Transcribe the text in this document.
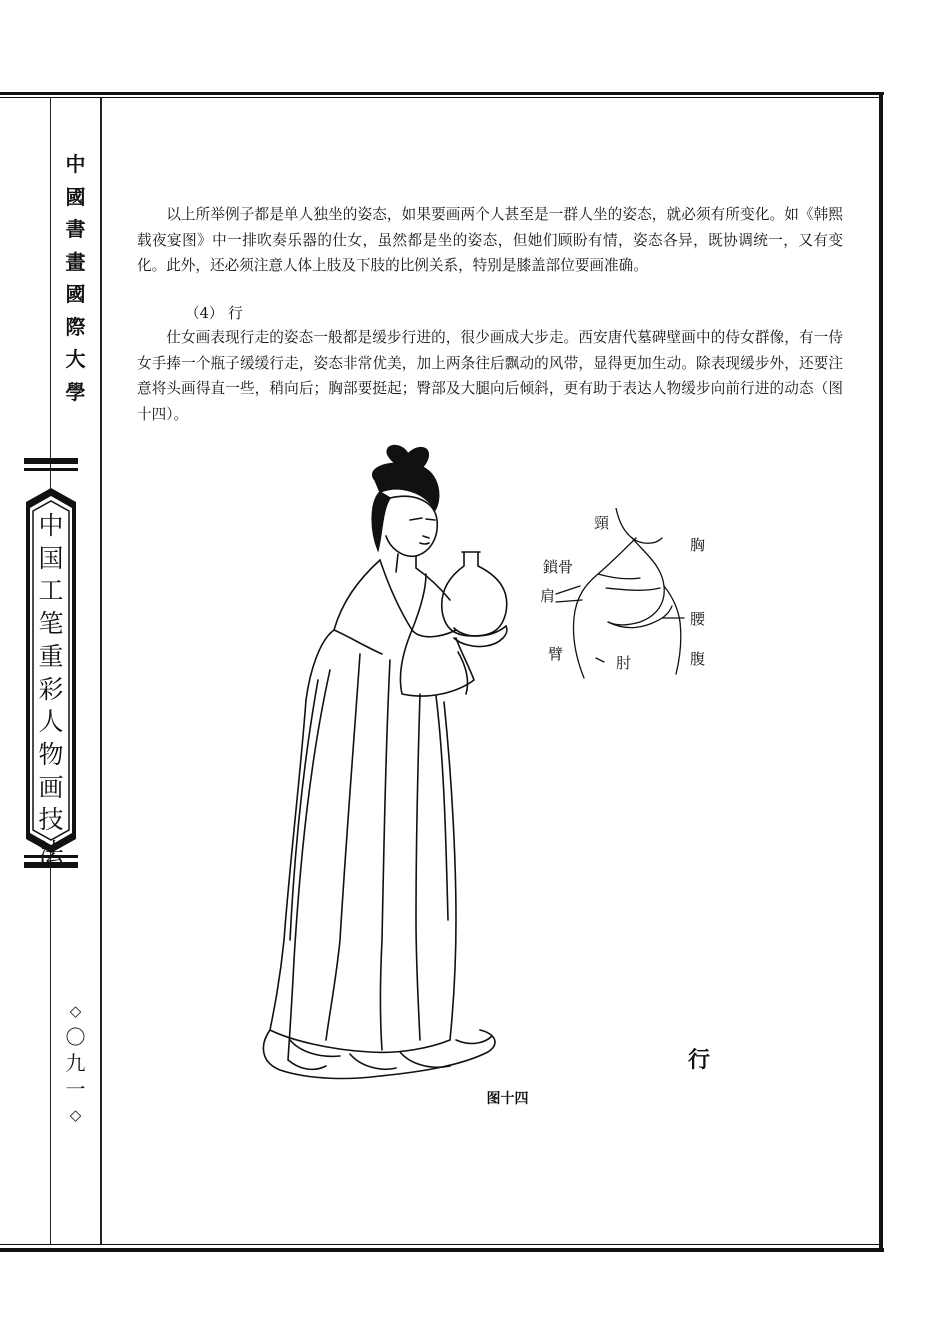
中
國
書
畫
國
際
大
學
中
国
工
笔
重
彩
人
物
画
技
法
◇
〇
九
一
◇

以上所举例子都是单人独坐的姿态，如果要画两个人甚至是一群人坐的姿态，就必须有所变化。如《韩熙载夜宴图》中一排吹奏乐器的仕女，虽然都是坐的姿态，但她们顾盼有情，姿态各异，既协调统一，又有变化。此外，还必须注意人体上肢及下肢的比例关系，特别是膝盖部位要画准确。

（4） 行

仕女画表现行走的姿态一般都是缓步行进的，很少画成大步走。西安唐代墓碑壁画中的侍女群像，有一侍女手捧一个瓶子缓缓行走，姿态非常优美，加上两条往后飘动的风带，显得更加生动。除表现缓步外，还要注意将头画得直一些，稍向后；胸部要挺起；臀部及大腿向后倾斜，更有助于表达人物缓步向前行进的动态（图十四）。

頸
胸
鎖骨
肩
腰
臂	肘	腹
行
图十四
